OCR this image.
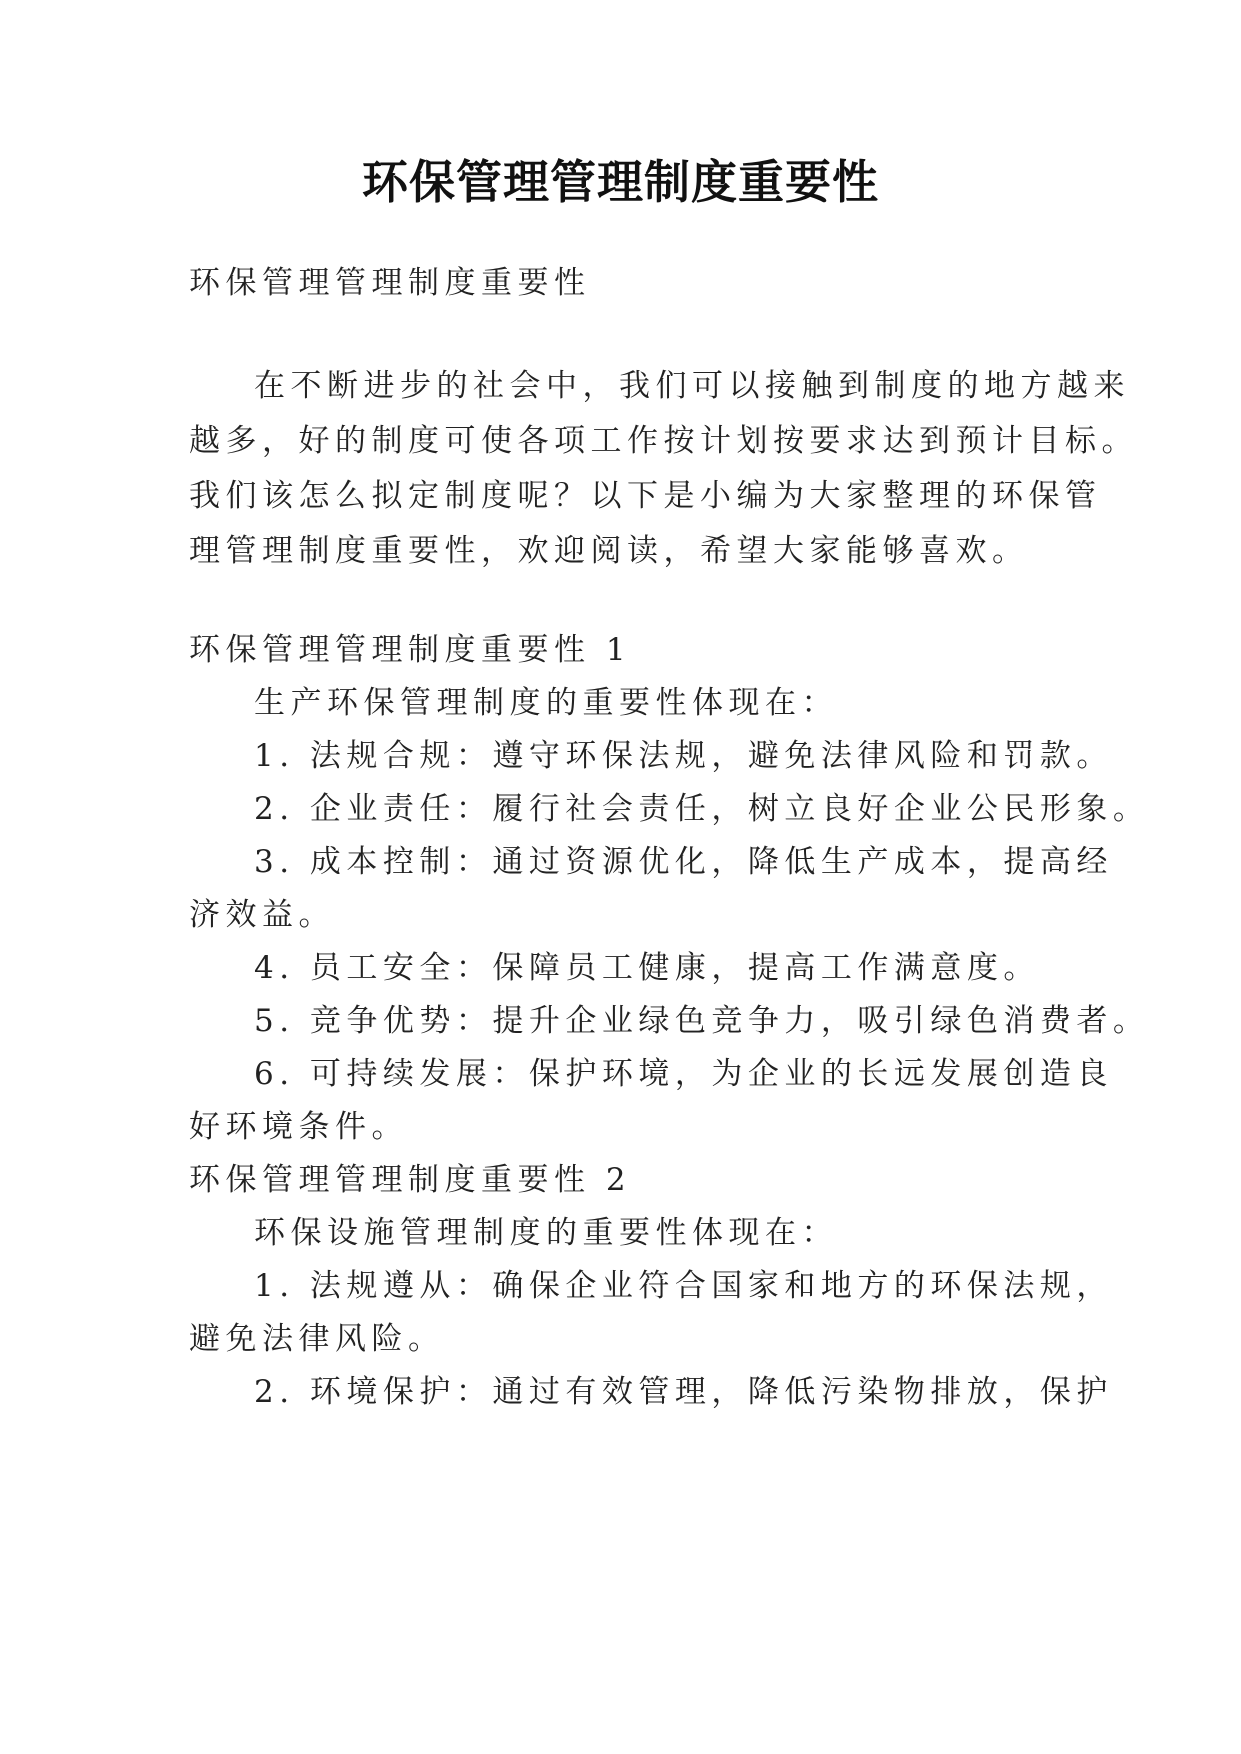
环保管理管理制度重要性

环保管理管理制度重要性

在不断进步的社会中，我们可以接触到制度的地方越来

越多，好的制度可使各项工作按计划按要求达到预计目标。

我们该怎么拟定制度呢？以下是小编为大家整理的环保管

理管理制度重要性，欢迎阅读，希望大家能够喜欢。

环保管理管理制度重要性 1

生产环保管理制度的重要性体现在：

1. 法规合规：遵守环保法规，避免法律风险和罚款。

2. 企业责任：履行社会责任，树立良好企业公民形象。

3. 成本控制：通过资源优化，降低生产成本，提高经

济效益。

4. 员工安全：保障员工健康，提高工作满意度。

5. 竞争优势：提升企业绿色竞争力，吸引绿色消费者。

6. 可持续发展：保护环境，为企业的长远发展创造良

好环境条件。

环保管理管理制度重要性 2

环保设施管理制度的重要性体现在：

1. 法规遵从：确保企业符合国家和地方的环保法规，

避免法律风险。

2. 环境保护：通过有效管理，降低污染物排放，保护
